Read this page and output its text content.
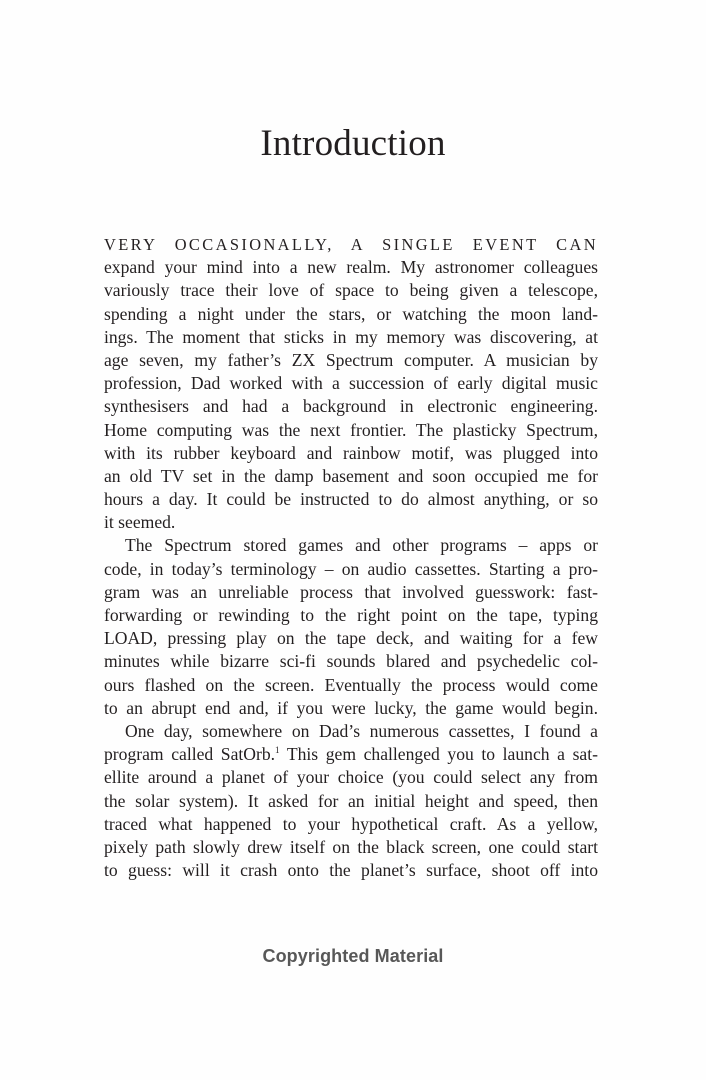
Introduction
VERY OCCASIONALLY, A SINGLE EVENT CAN
expand your mind into a new realm. My astronomer colleagues
variously trace their love of space to being given a telescope,
spending a night under the stars, or watching the moon land-
ings. The moment that sticks in my memory was discovering, at
age seven, my father’s ZX Spectrum computer. A musician by
profession, Dad worked with a succession of early digital music
synthesisers and had a background in electronic engineering.
Home computing was the next frontier. The plasticky Spectrum,
with its rubber keyboard and rainbow motif, was plugged into
an old TV set in the damp basement and soon occupied me for
hours a day. It could be instructed to do almost anything, or so
it seemed.
The Spectrum stored games and other programs – apps or
code, in today’s terminology – on audio cassettes. Starting a pro-
gram was an unreliable process that involved guesswork: fast-
forwarding or rewinding to the right point on the tape, typing
LOAD, pressing play on the tape deck, and waiting for a few
minutes while bizarre sci-fi sounds blared and psychedelic col-
ours flashed on the screen. Eventually the process would come
to an abrupt end and, if you were lucky, the game would begin.
One day, somewhere on Dad’s numerous cassettes, I found a
program called SatOrb.$^1$ This gem challenged you to launch a sat-
ellite around a planet of your choice (you could select any from
the solar system). It asked for an initial height and speed, then
traced what happened to your hypothetical craft. As a yellow,
pixely path slowly drew itself on the black screen, one could start
to guess: will it crash onto the planet’s surface, shoot off into
Copyrighted Material
